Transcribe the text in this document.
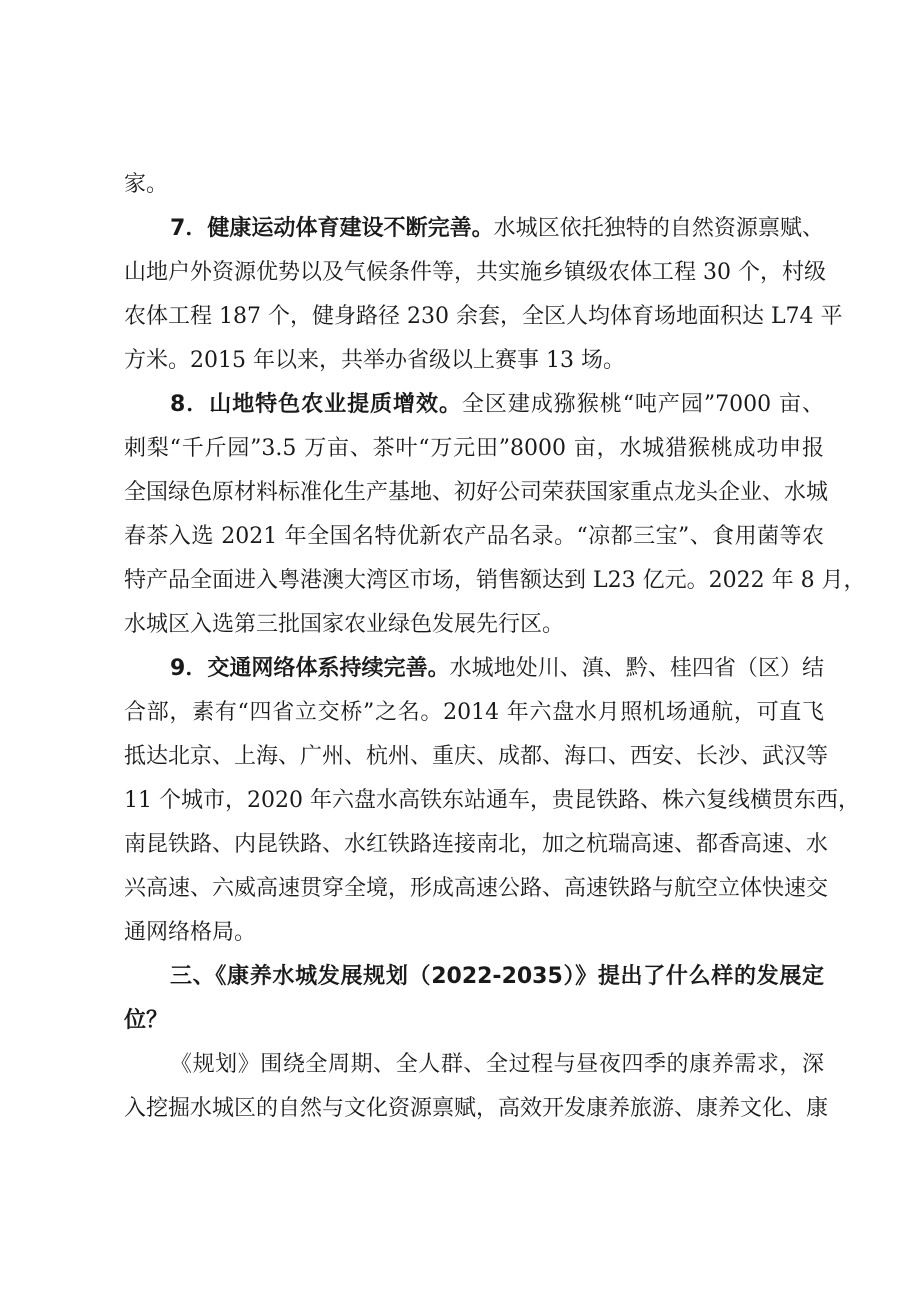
家。
7．健康运动体育建设不断完善。水城区依托独特的自然资源禀赋、
山地户外资源优势以及气候条件等，共实施乡镇级农体工程 30 个，村级
农体工程 187 个，健身路径 230 余套，全区人均体育场地面积达 L74 平
方米。2015 年以来，共举办省级以上赛事 13 场。
8．山地特色农业提质增效。全区建成猕猴桃“吨产园”7000 亩、
刺梨“千斤园”3.5 万亩、茶叶“万元田”8000 亩，水城猎猴桃成功申报
全国绿色原材料标准化生产基地、初好公司荣获国家重点龙头企业、水城
春茶入选 2021 年全国名特优新农产品名录。“凉都三宝”、食用菌等农
特产品全面进入粤港澳大湾区市场，销售额达到 L23 亿元。2022 年 8 月，
水城区入选第三批国家农业绿色发展先行区。
9．交通网络体系持续完善。水城地处川、滇、黔、桂四省（区）结
合部，素有“四省立交桥”之名。2014 年六盘水月照机场通航，可直飞
抵达北京、上海、广州、杭州、重庆、成都、海口、西安、长沙、武汉等
11 个城市，2020 年六盘水高铁东站通车，贵昆铁路、株六复线横贯东西，
南昆铁路、内昆铁路、水红铁路连接南北，加之杭瑞高速、都香高速、水
兴高速、六威高速贯穿全境，形成高速公路、高速铁路与航空立体快速交
通网络格局。
三、《康养水城发展规划（2022-2035）》提出了什么样的发展定
位？
《规划》围绕全周期、全人群、全过程与昼夜四季的康养需求，深
入挖掘水城区的自然与文化资源禀赋，高效开发康养旅游、康养文化、康
